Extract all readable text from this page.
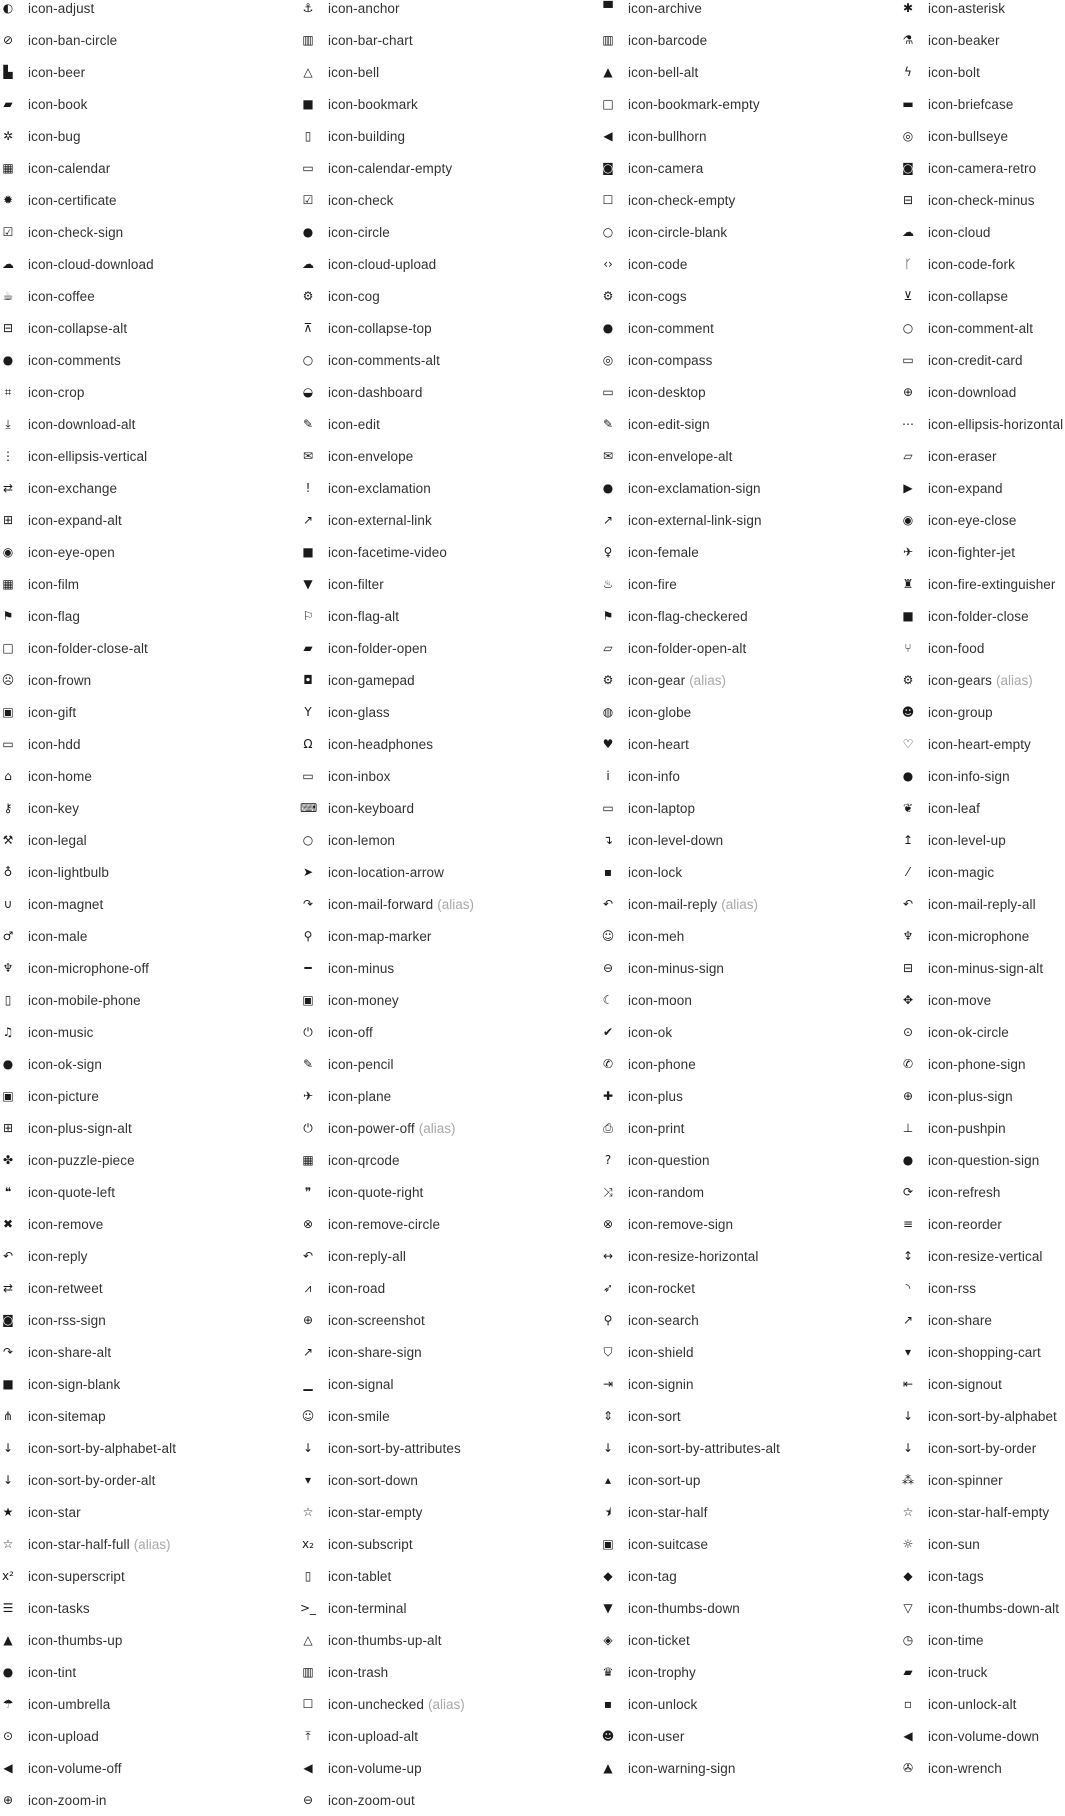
◐ icon-adjust	⚓ icon-anchor	▀ icon-archive	✱ icon-asterisk
⊘ icon-ban-circle	▥ icon-bar-chart	▥ icon-barcode	⚗ icon-beaker
▙ icon-beer	△ icon-bell	▲ icon-bell-alt	ϟ icon-bolt
▰ icon-book	■ icon-bookmark	□ icon-bookmark-empty	▬ icon-briefcase
✲ icon-bug	▯	icon-building	◀ icon-bullhorn	◎ icon-bullseye
▦ icon-calendar	▭ icon-calendar-empty	◙ icon-camera	◙ icon-camera-retro
✹ icon-certificate	☑ icon-check	☐ icon-check-empty	⊟ icon-check-minus
☑ icon-check-sign	● icon-circle	○ icon-circle-blank	☁ icon-cloud
☁ icon-cloud-download	☁ icon-cloud-upload	‹› icon-code	ᚴ	icon-code-fork
☕ icon-coffee	⚙ icon-cog	⚙ icon-cogs	⊻ icon-collapse
⊟ icon-collapse-alt	⊼ icon-collapse-top	● icon-comment	○ icon-comment-alt
● icon-comments	○ icon-comments-alt	◎ icon-compass	▭ icon-credit-card
⌗	icon-crop	◒ icon-dashboard	▭ icon-desktop	⊕ icon-download
⤓	icon-download-alt	✎ icon-edit	✎ icon-edit-sign	⋯ icon-ellipsis-horizontal
⋮ icon-ellipsis-vertical	✉ icon-envelope	✉ icon-envelope-alt	▱ icon-eraser
⇄ icon-exchange	!	icon-exclamation	● icon-exclamation-sign	▶ icon-expand
⊞ icon-expand-alt	↗ icon-external-link	↗ icon-external-link-sign	◉ icon-eye-close
◉ icon-eye-open	■ icon-facetime-video	♀ icon-female	✈ icon-fighter-jet
▦ icon-film	▼ icon-filter	♨ icon-fire	♜ icon-fire-extinguisher
⚑ icon-flag	⚐ icon-flag-alt	⚑ icon-flag-checkered	■ icon-folder-close
□ icon-folder-close-alt	▰ icon-folder-open	▱ icon-folder-open-alt	⑂	icon-food
☹ icon-frown	◘ icon-gamepad	⚙ icon-gear (alias)	⚙ icon-gears (alias)
▣ icon-gift	Y	icon-glass	◍ icon-globe	☻ icon-group
▭ icon-hdd	Ω icon-headphones	♥ icon-heart	♡ icon-heart-empty
⌂	icon-home	▭ icon-inbox	i	icon-info	● icon-info-sign
⚷ icon-key	⌨ icon-keyboard	▭ icon-laptop	❦ icon-leaf
⚒ icon-legal	○ icon-lemon	↴ icon-level-down	↥ icon-level-up
♁ icon-lightbulb	➤ icon-location-arrow	▪ icon-lock	⁄	icon-magic
∪ icon-magnet	↷ icon-mail-forward (alias)	↶ icon-mail-reply (alias)	↶ icon-mail-reply-all
♂ icon-male	⚲ icon-map-marker	☺ icon-meh	♆ icon-microphone
♆ icon-microphone-off	━	icon-minus	⊖ icon-minus-sign	⊟ icon-minus-sign-alt
▯	icon-mobile-phone	▣ icon-money	☾ icon-moon	✥ icon-move
♫ icon-music	⏻ icon-off	✔ icon-ok	⊙ icon-ok-circle
● icon-ok-sign	✎ icon-pencil	✆ icon-phone	✆ icon-phone-sign
▣ icon-picture	✈ icon-plane	✚ icon-plus	⊕ icon-plus-sign
⊞ icon-plus-sign-alt	⏻ icon-power-off (alias)	⎙ icon-print	⊥ icon-pushpin
✤ icon-puzzle-piece	▦ icon-qrcode	?	icon-question	● icon-question-sign
❝	icon-quote-left	❞	icon-quote-right	⤨ icon-random	⟳ icon-refresh
✖ icon-remove	⊗ icon-remove-circle	⊗ icon-remove-sign	≡ icon-reorder
↶ icon-reply	↶ icon-reply-all	↔ icon-resize-horizontal	↕ icon-resize-vertical
⇄ icon-retweet	⩘	icon-road	➶ icon-rocket	◝	icon-rss
◙ icon-rss-sign	⊕ icon-screenshot	⚲ icon-search	↗ icon-share
↷ icon-share-alt	↗ icon-share-sign	⛉ icon-shield	▾	icon-shopping-cart
■ icon-sign-blank	▁ icon-signal	⇥ icon-signin	⇤ icon-signout
⋔ icon-sitemap	☺ icon-smile	⇕ icon-sort	↓ icon-sort-by-alphabet
↓ icon-sort-by-alphabet-alt	↓ icon-sort-by-attributes	↓ icon-sort-by-attributes-alt	↓ icon-sort-by-order
↓ icon-sort-by-order-alt	▾	icon-sort-down	▴	icon-sort-up	⁂ icon-spinner
★ icon-star	☆ icon-star-empty	⯨	icon-star-half	☆ icon-star-half-empty
☆ icon-star-half-full (alias)	x₂ icon-subscript	▣ icon-suitcase	☼ icon-sun
x² icon-superscript	▯	icon-tablet	◆ icon-tag	◆ icon-tags
☰ icon-tasks	>_ icon-terminal	▼ icon-thumbs-down	▽ icon-thumbs-down-alt
▲ icon-thumbs-up	△ icon-thumbs-up-alt	◈ icon-ticket	◷ icon-time
● icon-tint	▥ icon-trash	♛ icon-trophy	▰ icon-truck
☂ icon-umbrella	☐ icon-unchecked (alias)	▪ icon-unlock	▫ icon-unlock-alt
⊙ icon-upload	⤒	icon-upload-alt	☻ icon-user	◀ icon-volume-down
◀ icon-volume-off	◀ icon-volume-up	▲ icon-warning-sign	✇ icon-wrench
⊕ icon-zoom-in	⊖ icon-zoom-out
